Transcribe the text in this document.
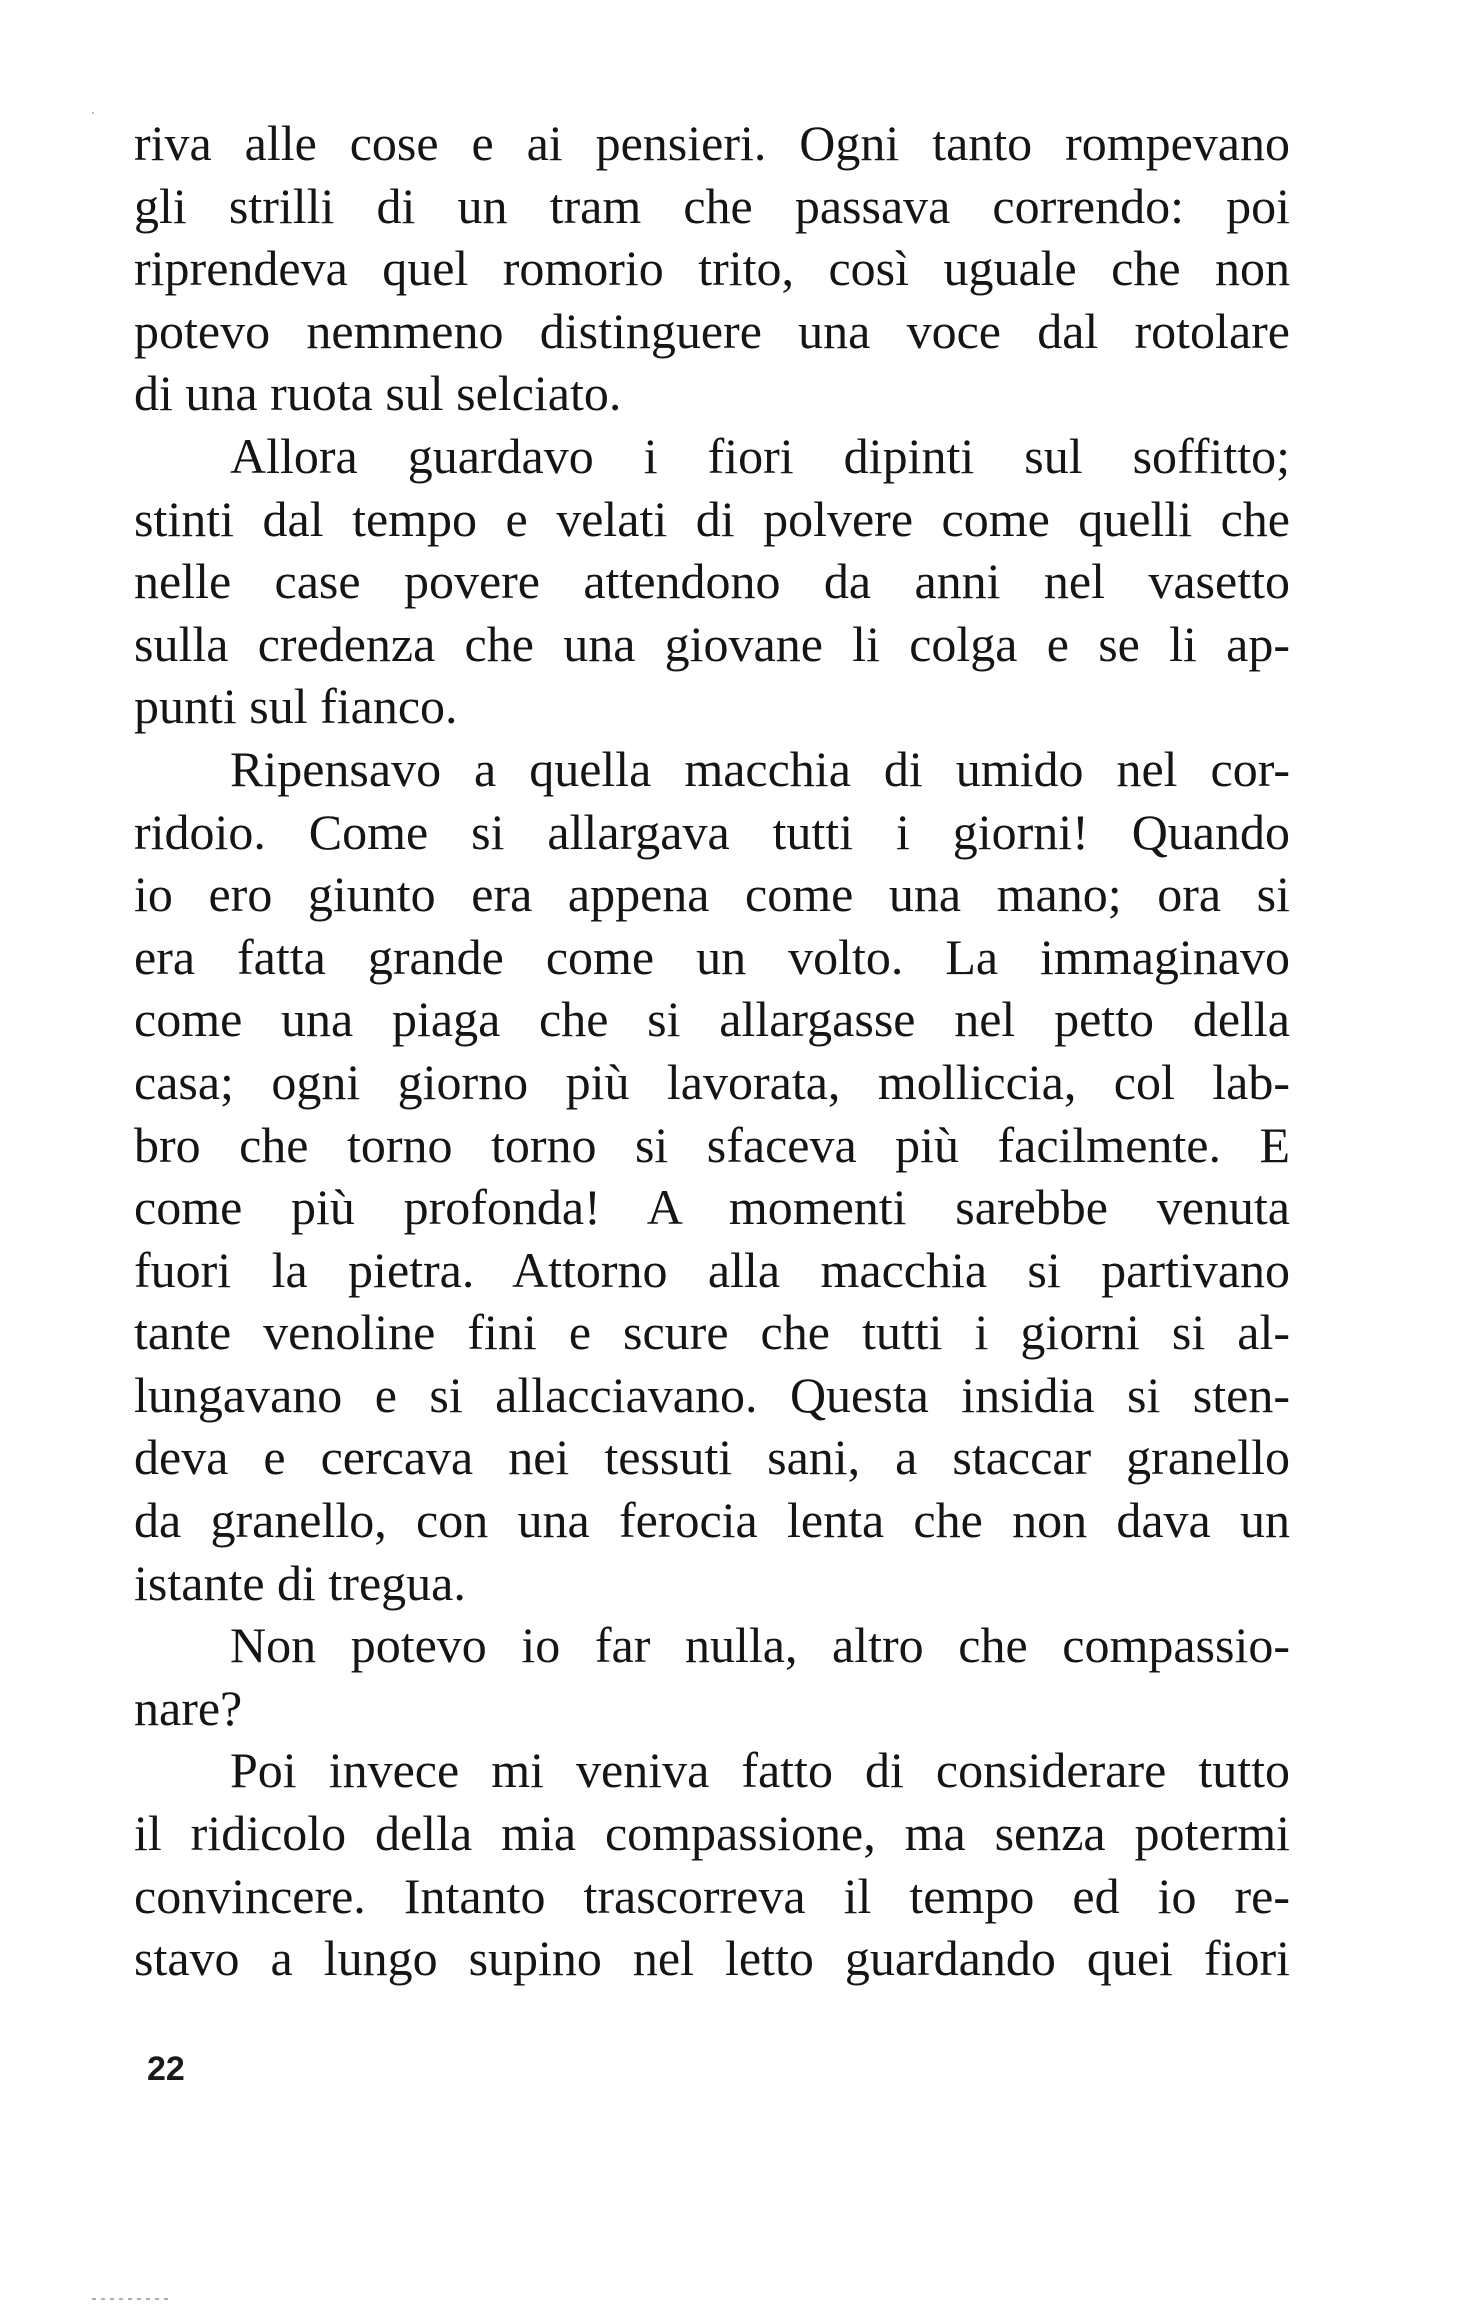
riva alle cose e ai pensieri. Ogni tanto rompevano
gli strilli di un tram che passava correndo: poi
riprendeva quel romorio trito, così uguale che non
potevo nemmeno distinguere una voce dal rotolare
di una ruota sul selciato.
Allora guardavo i fiori dipinti sul soffitto;
stinti dal tempo e velati di polvere come quelli che
nelle case povere attendono da anni nel vasetto
sulla credenza che una giovane li colga e se li ap-
punti sul fianco.
Ripensavo a quella macchia di umido nel cor-
ridoio. Come si allargava tutti i giorni! Quando
io ero giunto era appena come una mano; ora si
era fatta grande come un volto. La immaginavo
come una piaga che si allargasse nel petto della
casa; ogni giorno più lavorata, molliccia, col lab-
bro che torno torno si sfaceva più facilmente. E
come più profonda! A momenti sarebbe venuta
fuori la pietra. Attorno alla macchia si partivano
tante venoline fini e scure che tutti i giorni si al-
lungavano e si allacciavano. Questa insidia si sten-
deva e cercava nei tessuti sani, a staccar granello
da granello, con una ferocia lenta che non dava un
istante di tregua.
Non potevo io far nulla, altro che compassio-
nare?
Poi invece mi veniva fatto di considerare tutto
il ridicolo della mia compassione, ma senza potermi
convincere. Intanto trascorreva il tempo ed io re-
stavo a lungo supino nel letto guardando quei fiori
22
